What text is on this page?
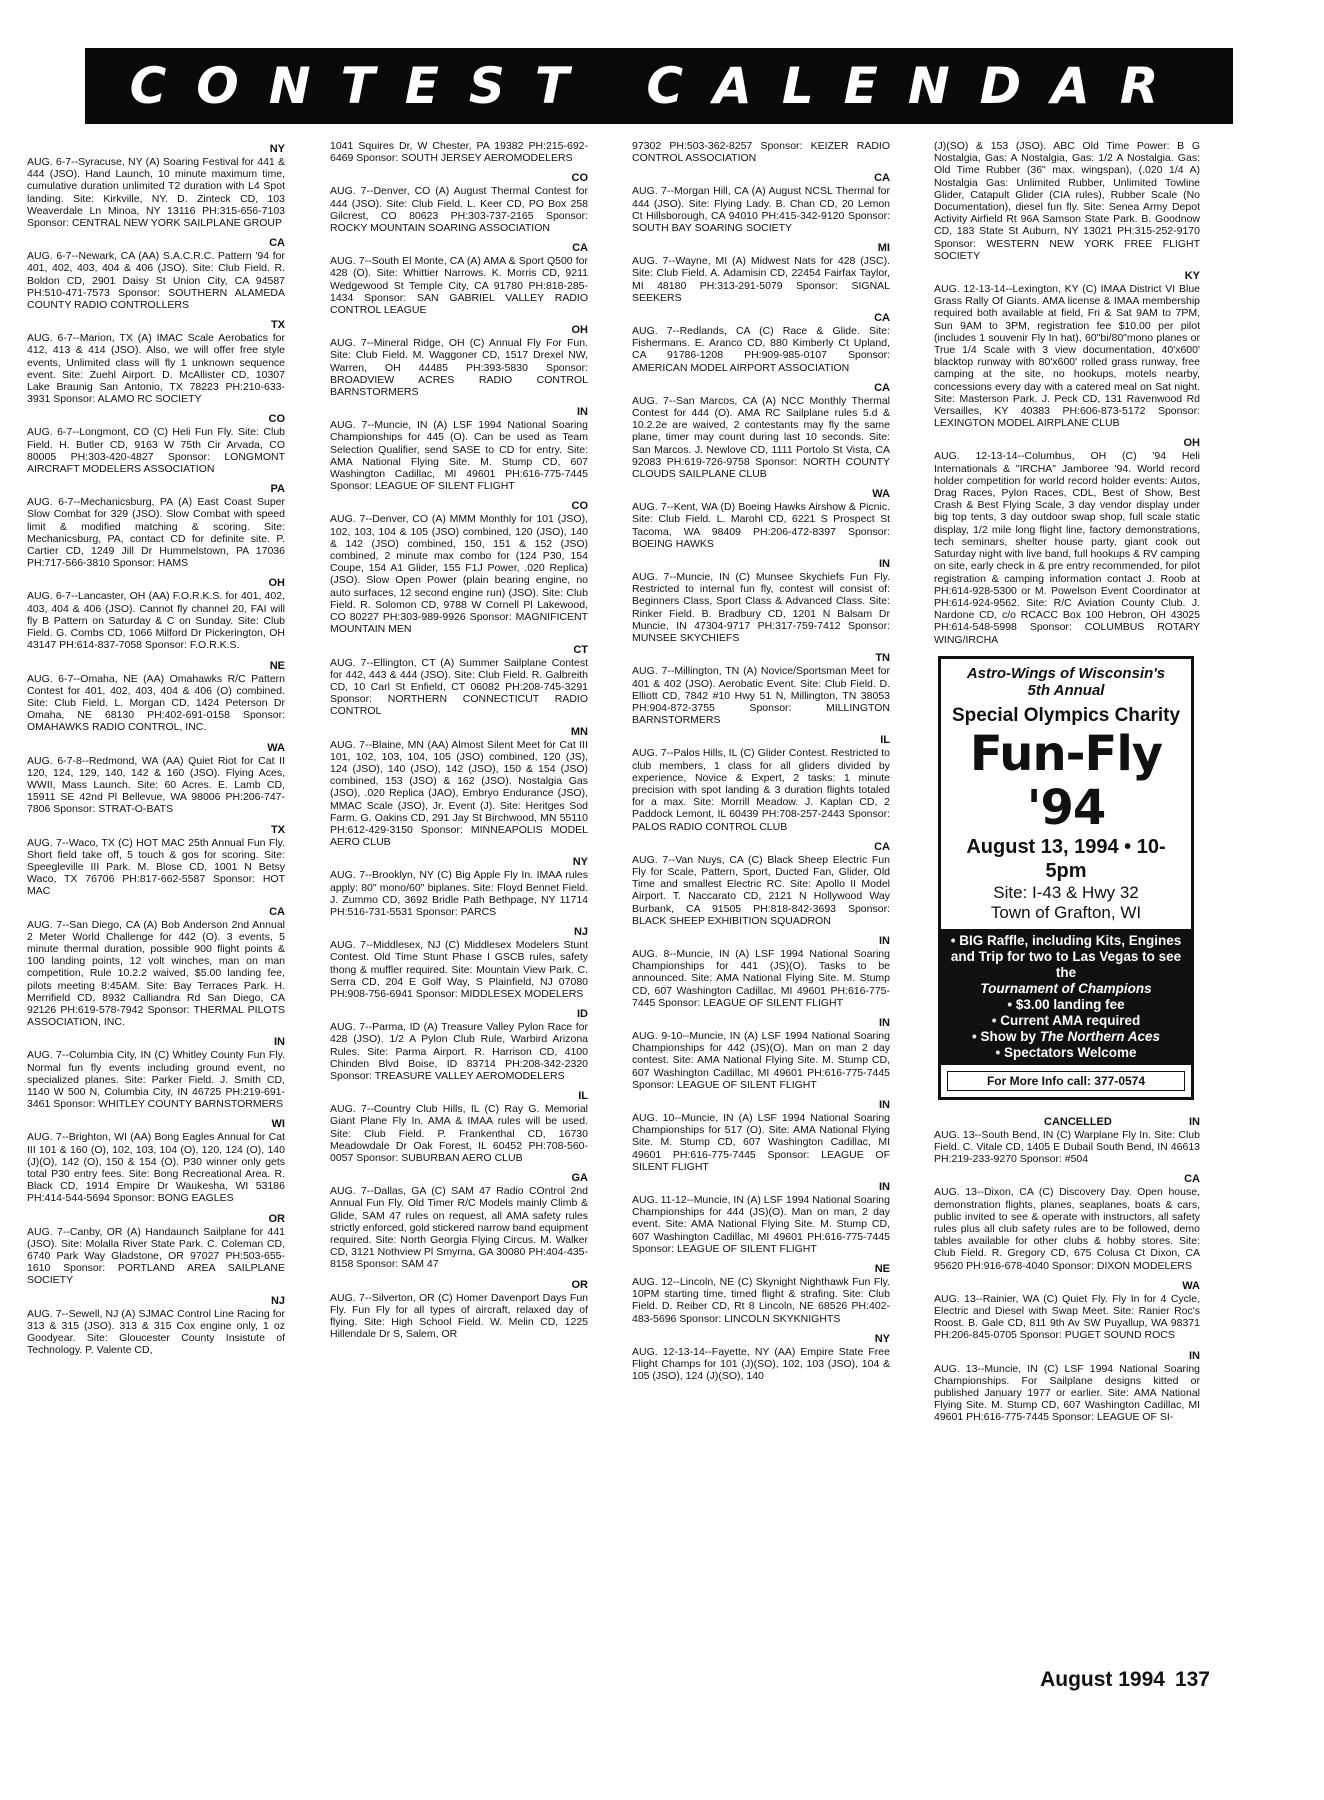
CONTEST CALENDAR
NY
AUG. 6-7--Syracuse, NY (A) Soaring Festival for 441 & 444 (JSO). Hand Launch, 10 minute maximum time, cumulative duration unlimited T2 duration with L4 Spot landing. Site: Kirkville, NY. D. Zinteck CD, 103 Weaverdale Ln Minoa, NY 13116 PH:315-656-7103 Sponsor: CENTRAL NEW YORK SAILPLANE GROUP
CA
AUG. 6-7--Newark, CA (AA) S.A.C.R.C. Pattern '94 for 401, 402, 403, 404 & 406 (JSO). Site: Club Field. R. Boldon CD, 2901 Daisy St Union City, CA 94587 PH:510-471-7573 Sponsor: SOUTHERN ALAMEDA COUNTY RADIO CONTROLLERS
TX
AUG. 6-7--Marion, TX (A) IMAC Scale Aerobatics for 412, 413 & 414 (JSO). Also, we will offer free style events, Unlimited class will fly 1 unknown sequence event. Site: Zuehl Airport. D. McAllister CD, 10307 Lake Braunig San Antonio, TX 78223 PH:210-633-3931 Sponsor: ALAMO RC SOCIETY
CO
AUG. 6-7--Longmont, CO (C) Heli Fun Fly. Site: Club Field. H. Butler CD, 9163 W 75th Cir Arvada, CO 80005 PH:303-420-4827 Sponsor: LONGMONT AIRCRAFT MODELERS ASSOCIATION
PA
AUG. 6-7--Mechanicsburg, PA (A) East Coast Super Slow Combat for 329 (JSO). Slow Combat with speed limit & modified matching & scoring. Site: Mechanicsburg, PA, contact CD for definite site. P. Cartier CD, 1249 Jill Dr Hummelstown, PA 17036 PH:717-566-3810 Sponsor: HAMS
OH
AUG. 6-7--Lancaster, OH (AA) F.O.R.K.S. for 401, 402, 403, 404 & 406 (JSO). Cannot fly channel 20, FAI will fly B Pattern on Saturday & C on Sunday. Site: Club Field. G. Combs CD, 1066 Milford Dr Pickerington, OH 43147 PH:614-837-7058 Sponsor: F.O.R.K.S.
NE
AUG. 6-7--Omaha, NE (AA) Omahawks R/C Pattern Contest for 401, 402, 403, 404 & 406 (O) combined. Site: Club Field. L. Morgan CD, 1424 Peterson Dr Omaha, NE 68130 PH:402-691-0158 Sponsor: OMAHAWKS RADIO CONTROL, INC.
WA
AUG. 6-7-8--Redmond, WA (AA) Quiet Riot for Cat II 120, 124, 129, 140, 142 & 160 (JSO). Flying Aces, WWII, Mass Launch. Site: 60 Acres. E. Lamb CD, 15911 SE 42nd Pl Bellevue, WA 98006 PH:206-747-7806 Sponsor: STRAT-O-BATS
TX
AUG. 7--Waco, TX (C) HOT MAC 25th Annual Fun Fly. Short field take off, 5 touch & gos for scoring. Site: Speegleville III Park. M. Blose CD, 1001 N Betsy Waco, TX 76706 PH:817-662-5587 Sponsor: HOT MAC
CA
AUG. 7--San Diego, CA (A) Bob Anderson 2nd Annual 2 Meter World Challenge for 442 (O). 3 events, 5 minute thermal duration, possible 900 flight points & 100 landing points, 12 volt winches, man on man competition, Rule 10.2.2 waived, $5.00 landing fee, pilots meeting 8:45AM. Site: Bay Terraces Park. H. Merrifield CD, 8932 Calliandra Rd San Diego, CA 92126 PH:619-578-7942 Sponsor: THERMAL PILOTS ASSOCIATION, INC.
IN
AUG. 7--Columbia City, IN (C) Whitley County Fun Fly. Normal fun fly events including ground event, no specialized planes. Site: Parker Field. J. Smith CD, 1140 W 500 N, Columbia City, IN 46725 PH:219-691-3461 Sponsor: WHITLEY COUNTY BARNSTORMERS
WI
AUG. 7--Brighton, WI (AA) Bong Eagles Annual for Cat III 101 & 160 (O), 102, 103, 104 (O), 120, 124 (O), 140 (J)(O), 142 (O), 150 & 154 (O). P30 winner only gets total P30 entry fees. Site: Bong Recreational Area. R. Black CD, 1914 Empire Dr Waukesha, WI 53186 PH:414-544-5694 Sponsor: BONG EAGLES
OR
AUG. 7--Canby, OR (A) Handaunch Sailplane for 441 (JSO). Site: Molalla River State Park. C. Coleman CD, 6740 Park Way Gladstone, OR 97027 PH:503-655-1610 Sponsor: PORTLAND AREA SAILPLANE SOCIETY
NJ
AUG. 7--Sewell, NJ (A) SJMAC Control Line Racing for 313 & 315 (JSO). 313 & 315 Cox engine only, 1 oz Goodyear. Site: Gloucester County Insistute of Technology. P. Valente CD,
1041 Squires Dr, W Chester, PA 19382 PH:215-692-6469 Sponsor: SOUTH JERSEY AEROMODELERS
CO
AUG. 7--Denver, CO (A) August Thermal Contest for 444 (JSO). Site: Club Field. L. Keer CD, PO Box 258 Gilcrest, CO 80623 PH:303-737-2165 Sponsor: ROCKY MOUNTAIN SOARING ASSOCIATION
CA
AUG. 7--South El Monte, CA (A) AMA & Sport Q500 for 428 (O). Site: Whittier Narrows. K. Morris CD, 9211 Wedgewood St Temple City, CA 91780 PH:818-285-1434 Sponsor: SAN GABRIEL VALLEY RADIO CONTROL LEAGUE
OH
AUG. 7--Mineral Ridge, OH (C) Annual Fly For Fun. Site: Club Field. M. Waggoner CD, 1517 Drexel NW, Warren, OH 44485 PH:393-5830 Sponsor: BROADVIEW ACRES RADIO CONTROL BARNSTORMERS
IN
AUG. 7--Muncie, IN (A) LSF 1994 National Soaring Championships for 445 (O). Can be used as Team Selection Qualifier, send SASE to CD for entry. Site: AMA National Flying Site. M. Stump CD, 607 Washington Cadillac, MI 49601 PH:616-775-7445 Sponsor: LEAGUE OF SILENT FLIGHT
CO
AUG. 7--Denver, CO (A) MMM Monthly for 101 (JSO), 102, 103, 104 & 105 (JSO) combined, 120 (JSO), 140 & 142 (JSO) combined, 150, 151 & 152 (JSO) combined, 2 minute max combo for (124 P30, 154 Coupe, 154 A1 Glider, 155 F1J Power, .020 Replica) (JSO). Slow Open Power (plain bearing engine, no auto surfaces, 12 second engine run) (JSO). Site: Club Field. R. Solomon CD, 9788 W Cornell Pl Lakewood, CO 80227 PH:303-989-9926 Sponsor: MAGNIFICENT MOUNTAIN MEN
CT
AUG. 7--Ellington, CT (A) Summer Sailplane Contest for 442, 443 & 444 (JSO). Site: Club Field. R. Galbreith CD, 10 Carl St Enfield, CT 06082 PH:208-745-3291 Sponsor: NORTHERN CONNECTICUT RADIO CONTROL
MN
AUG. 7--Blaine, MN (AA) Almost Silent Meet for Cat III 101, 102, 103, 104, 105 (JSO) combined, 120 (JS), 124 (JSO), 140 (JSO), 142 (JSO), 150 & 154 (JSO) combined, 153 (JSO) & 162 (JSO). Nostalgia Gas (JSO), .020 Replica (JAO), Embryo Endurance (JSO), MMAC Scale (JSO), Jr. Event (J). Site: Heritges Sod Farm. G. Oakins CD, 291 Jay St Birchwood, MN 55110 PH:612-429-3150 Sponsor: MINNEAPOLIS MODEL AERO CLUB
NY
AUG. 7--Brooklyn, NY (C) Big Apple Fly In. IMAA rules apply: 80" mono/60" biplanes. Site: Floyd Bennet Field. J. Zummo CD, 3692 Bridle Path Bethpage, NY 11714 PH:516-731-5531 Sponsor: PARCS
NJ
AUG. 7--Middlesex, NJ (C) Middlesex Modelers Stunt Contest. Old Time Stunt Phase I GSCB rules, safety thong & muffler required. Site: Mountain View Park. C. Serra CD, 204 E Golf Way, S Plainfield, NJ 07080 PH:908-756-6941 Sponsor: MIDDLESEX MODELERS
ID
AUG. 7--Parma, ID (A) Treasure Valley Pylon Race for 428 (JSO). 1/2 A Pylon Club Rule, Warbird Arizona Rules. Site: Parma Airport. R. Harrison CD, 4100 Chinden Blvd Boise, ID 83714 PH:208-342-2320 Sponsor: TREASURE VALLEY AEROMODELERS
IL
AUG. 7--Country Club Hills, IL (C) Ray G. Memorial Giant Plane Fly In. AMA & IMAA rules will be used. Site: Club Field. P. Frankenthal CD, 16730 Meadowdale Dr Oak Forest, IL 60452 PH:708-560-0057 Sponsor: SUBURBAN AERO CLUB
GA
AUG. 7--Dallas, GA (C) SAM 47 Radio COntrol 2nd Annual Fun Fly. Old Timer R/C Models mainly Climb & Glide, SAM 47 rules on request, all AMA safety rules strictly enforced, gold stickered narrow band equipment required. Site: North Georgia Flying Circus. M. Walker CD, 3121 Nothview Pl Smyrna, GA 30080 PH:404-435-8158 Sponsor: SAM 47
OR
AUG. 7--Silverton, OR (C) Homer Davenport Days Fun Fly. Fun Fly for all types of aircraft, relaxed day of flying. Site: High School Field. W. Melin CD, 1225 Hillendale Dr S, Salem, OR
97302 PH:503-362-8257 Sponsor: KEIZER RADIO CONTROL ASSOCIATION
CA
AUG. 7--Morgan Hill, CA (A) August NCSL Thermal for 444 (JSO). Site: Flying Lady. B. Chan CD, 20 Lemon Ct Hillsborough, CA 94010 PH:415-342-9120 Sponsor: SOUTH BAY SOARING SOCIETY
MI
AUG. 7--Wayne, MI (A) Midwest Nats for 428 (JSC). Site: Club Field. A. Adamisin CD, 22454 Fairfax Taylor, MI 48180 PH:313-291-5079 Sponsor: SIGNAL SEEKERS
CA
AUG. 7--Redlands, CA (C) Race & Glide. Site: Fishermans. E. Aranco CD, 880 Kimberly Ct Upland, CA 91786-1208 PH:909-985-0107 Sponsor: AMERICAN MODEL AIRPORT ASSOCIATION
CA
AUG. 7--San Marcos, CA (A) NCC Monthly Thermal Contest for 444 (O). AMA RC Sailplane rules 5.d & 10.2.2e are waived, 2 contestants may fly the same plane, timer may count during last 10 seconds. Site: San Marcos. J. Newlove CD, 1111 Portolo St Vista, CA 92083 PH:619-726-9758 Sponsor: NORTH COUNTY CLOUDS SAILPLANE CLUB
WA
AUG. 7--Kent, WA (D) Boeing Hawks Airshow & Picnic. Site: Club Field. L. Marohl CD, 6221 S Prospect St Tacoma, WA 98409 PH:206-472-8397 Sponsor: BOEING HAWKS
IN
AUG. 7--Muncie, IN (C) Munsee Skychiefs Fun Fly. Restricted to internal fun fly, contest will consist of: Beginners Class, Sport Class & Advanced Class. Site: Rinker Field. B. Bradbury CD, 1201 N Balsam Dr Muncie, IN 47304-9717 PH:317-759-7412 Sponsor: MUNSEE SKYCHIEFS
TN
AUG. 7--Millington, TN (A) Novice/Sportsman Meet for 401 & 402 (JSO). Aerobatic Event. Site: Club Field. D. Elliott CD, 7842 #10 Hwy 51 N, Millington, TN 38053 PH:904-872-3755 Sponsor: MILLINGTON BARNSTORMERS
IL
AUG. 7--Palos Hills, IL (C) Glider Contest. Restricted to club members, 1 class for all gliders divided by experience, Novice & Expert, 2 tasks: 1 minute precision with spot landing & 3 duration flights totaled for a max. Site: Morrill Meadow. J. Kaplan CD, 2 Paddock Lemont, IL 60439 PH:708-257-2443 Sponsor: PALOS RADIO CONTROL CLUB
CA
AUG. 7--Van Nuys, CA (C) Black Sheep Electric Fun Fly for Scale, Pattern, Sport, Ducted Fan, Glider, Old Time and smallest Electric RC. Site: Apollo II Model Airport. T. Naccarato CD, 2121 N Hollywood Way Burbank, CA 91505 PH:818-842-3693 Sponsor: BLACK SHEEP EXHIBITION SQUADRON
IN
AUG. 8--Muncie, IN (A) LSF 1994 National Soaring Championships for 441 (JS)(O). Tasks to be announced. Site: AMA National Flying Site. M. Stump CD, 607 Washington Cadillac, MI 49601 PH:616-775-7445 Sponsor: LEAGUE OF SILENT FLIGHT
IN
AUG. 9-10--Muncie, IN (A) LSF 1994 National Soaring Championships for 442 (JS)(O). Man on man 2 day contest. Site: AMA National Flying Site. M. Stump CD, 607 Washington Cadillac, MI 49601 PH:616-775-7445 Sponsor: LEAGUE OF SILENT FLIGHT
IN
AUG. 10--Muncie, IN (A) LSF 1994 National Soaring Championships for 517 (O). Site: AMA National Flying Site. M. Stump CD, 607 Washington Cadillac, MI 49601 PH:616-775-7445 Sponsor: LEAGUE OF SILENT FLIGHT
IN
AUG. 11-12--Muncie, IN (A) LSF 1994 National Soaring Championships for 444 (JS)(O). Man on man, 2 day event. Site: AMA National Flying Site. M. Stump CD, 607 Washington Cadillac, MI 49601 PH:616-775-7445 Sponsor: LEAGUE OF SILENT FLIGHT
NE
AUG. 12--Lincoln, NE (C) Skynight Nighthawk Fun Fly. 10PM starting time, timed flight & strafing. Site: Club Field. D. Reiber CD, Rt 8 Lincoln, NE 68526 PH:402-483-5696 Sponsor: LINCOLN SKYKNIGHTS
NY
AUG. 12-13-14--Fayette, NY (AA) Empire State Free Flight Champs for 101 (J)(SO), 102, 103 (JSO), 104 & 105 (JSO), 124 (J)(SO), 140
(J)(SO) & 153 (JSO). ABC Old Time Power: B G Nostalgia, Gas: A Nostalgia, Gas: 1/2 A Nostalgia. Gas: Old Time Rubber (36" max. wingspan), (.020 1/4 A) Nostalgia Gas: Unlimited Rubber, Unlimited Towline Glider, Catapult Glider (CIA rules), Rubber Scale (No Documentation), diesel fun fly. Site: Senea Army Depot Activity Airfield Rt 96A Samson State Park. B. Goodnow CD, 183 State St Auburn, NY 13021 PH:315-252-9170 Sponsor: WESTERN NEW YORK FREE FLIGHT SOCIETY
KY
AUG. 12-13-14--Lexington, KY (C) IMAA District VI Blue Grass Rally Of Giants. AMA license & IMAA membership required both available at field, Fri & Sat 9AM to 7PM, Sun 9AM to 3PM, registration fee $10.00 per pilot (includes 1 souvenir Fly In hat), 60"bi/80"mono planes or True 1/4 Scale with 3 view documentation, 40'x600' blacktop runway with 80'x600' rolled grass runway, free camping at the site, no hookups, motels nearby, concessions every day with a catered meal on Sat night. Site: Masterson Park. J. Peck CD, 131 Ravenwood Rd Versailles, KY 40383 PH:606-873-5172 Sponsor: LEXINGTON MODEL AIRPLANE CLUB
OH
AUG. 12-13-14--Columbus, OH (C) '94 Heli Internationals & "IRCHA" Jamboree '94. World record holder competition for world record holder events: Autos, Drag Races, Pylon Races, CDL, Best of Show, Best Crash & Best Flying Scale, 3 day vendor display under big top tents, 3 day outdoor swap shop, full scale static display, 1/2 mile long flight line, factory demonstrations, tech seminars, shelter house party, giant cook out Saturday night with live band, full hookups & RV camping on site, early check in & pre entry recommended, for pilot registration & camping information contact J. Roob at PH:614-928-5300 or M. Powelson Event Coordinator at PH:614-924-9562. Site: R/C Aviation County Club. J. Nardone CD, c/o RCACC Box 100 Hebron, OH 43025 PH:614-548-5998 Sponsor: COLUMBUS ROTARY WING/IRCHA
Astro-Wings of Wisconsin's
5th Annual
Special Olympics Charity
Fun-Fly '94
August 13, 1994 • 10-5pm
Site: I-43 & Hwy 32
Town of Grafton, WI
• BIG Raffle, including Kits, Engines and Trip for two to Las Vegas to see the
Tournament of Champions
• $3.00 landing fee
• Current AMA required
• Show by The Northern Aces
• Spectators Welcome
For More Info call: 377-0574
CANCELLED	IN
AUG. 13--South Bend, IN (C) Warplane Fly In. Site: Club Field. C. Vitale CD, 1405 E Dubail South Bend, IN 46613 PH:219-233-9270 Sponsor: #504
CA
AUG. 13--Dixon, CA (C) Discovery Day. Open house, demonstration flights, planes, seaplanes, boats & cars, public invited to see & operate with instructors, all safety rules plus all club safety rules are to be followed, demo tables available for other clubs & hobby stores. Site: Club Field. R. Gregory CD, 675 Colusa Ct Dixon, CA 95620 PH:916-678-4040 Sponsor: DIXON MODELERS
WA
AUG. 13--Rainier, WA (C) Quiet Fly. Fly In for 4 Cycle, Electric and Diesel with Swap Meet. Site: Ranier Roc's Roost. B. Gale CD, 811 9th Av SW Puyallup, WA 98371 PH:206-845-0705 Sponsor: PUGET SOUND ROCS
IN
AUG. 13--Muncie, IN (C) LSF 1994 National Soaring Championships. For Sailplane designs kitted or published January 1977 or earlier. Site: AMA National Flying Site. M. Stump CD, 607 Washington Cadillac, MI 49601 PH:616-775-7445 Sponsor: LEAGUE OF SI-
August 1994 137
